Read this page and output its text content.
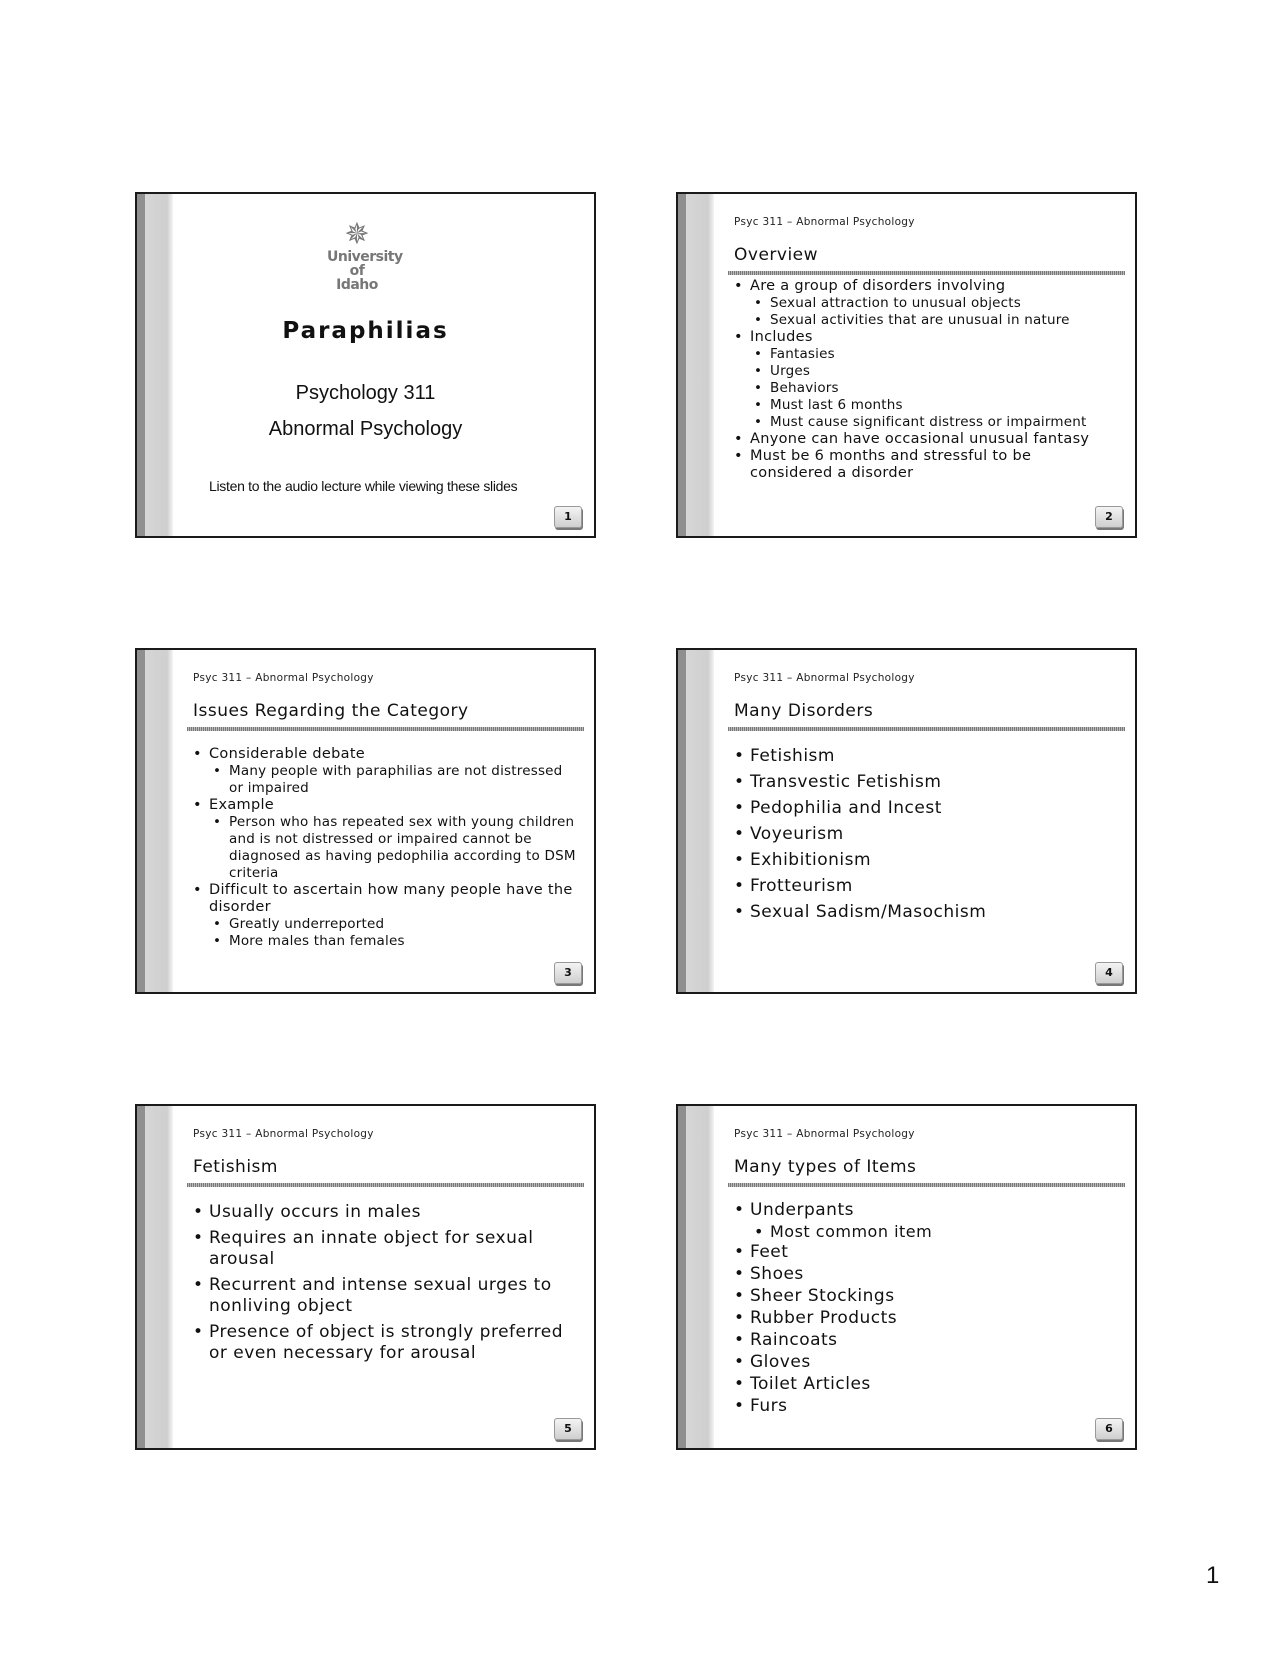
✵
University
of Idaho
Paraphilias
Psychology 311
Abnormal Psychology
Listen to the audio lecture while viewing these slides
1
Psyc 311 – Abnormal Psychology
Overview
• Are a group of disorders involving
• Sexual attraction to unusual objects
• Sexual activities that are unusual in nature
• Includes
• Fantasies
• Urges
• Behaviors
• Must last 6 months
• Must cause significant distress or impairment
• Anyone can have occasional unusual fantasy
• Must be 6 months and stressful to be considered a disorder
2
Psyc 311 – Abnormal Psychology
Issues Regarding the Category
• Considerable debate
• Many people with paraphilias are not distressed or impaired
• Example
• Person who has repeated sex with young children and is not distressed or impaired cannot be diagnosed as having pedophilia according to DSM criteria
• Difficult to ascertain how many people have the disorder
• Greatly underreported
• More males than females
3
Psyc 311 – Abnormal Psychology
Many Disorders
• Fetishism
• Transvestic Fetishism
• Pedophilia and Incest
• Voyeurism
• Exhibitionism
• Frotteurism
• Sexual Sadism/Masochism
4
Psyc 311 – Abnormal Psychology
Fetishism
• Usually occurs in males
• Requires an innate object for sexual arousal
• Recurrent and intense sexual urges to nonliving object
• Presence of object is strongly preferred or even necessary for arousal
5
Psyc 311 – Abnormal Psychology
Many types of Items
• Underpants
• Most common item
• Feet
• Shoes
• Sheer Stockings
• Rubber Products
• Raincoats
• Gloves
• Toilet Articles
• Furs
6
1
